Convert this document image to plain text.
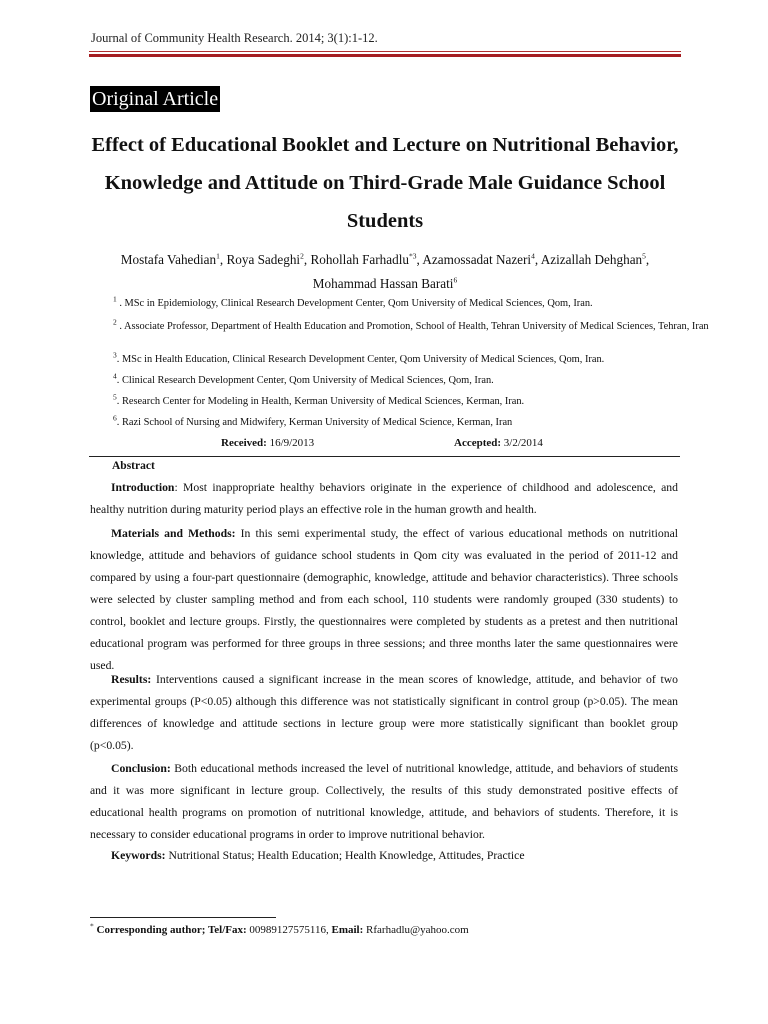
Journal of Community Health Research. 2014; 3(1):1-12.
Original Article
Effect of Educational Booklet and Lecture on Nutritional Behavior, Knowledge and Attitude on Third-Grade Male Guidance School Students
Mostafa Vahedian$^1$, Roya Sadeghi$^2$, Rohollah Farhadlu$^{*3}$, Azamossadat Nazeri$^4$, Azizallah Dehghan$^5$, Mohammad Hassan Barati$^6$
$^1$ . MSc in Epidemiology, Clinical Research Development Center, Qom University of Medical Sciences, Qom, Iran.
$^2$ . Associate Professor, Department of Health Education and Promotion, School of Health, Tehran University of Medical Sciences, Tehran, Iran
$^3$. MSc in Health Education, Clinical Research Development Center, Qom University of Medical Sciences, Qom, Iran.
$^4$. Clinical Research Development Center, Qom University of Medical Sciences, Qom, Iran.
$^5$. Research Center for Modeling in Health, Kerman University of Medical Sciences, Kerman, Iran.
$^6$. Razi School of Nursing and Midwifery, Kerman University of Medical Science, Kerman, Iran
Received: 16/9/2013	Accepted: 3/2/2014
Abstract

Introduction: Most inappropriate healthy behaviors originate in the experience of childhood and adolescence, and healthy nutrition during maturity period plays an effective role in the human growth and health.

Materials and Methods: In this semi experimental study, the effect of various educational methods on nutritional knowledge, attitude and behaviors of guidance school students in Qom city was evaluated in the period of 2011-12 and compared by using a four-part questionnaire (demographic, knowledge, attitude and behavior characteristics). Three schools were selected by cluster sampling method and from each school, 110 students were randomly grouped (330 students) to control, booklet and lecture groups. Firstly, the questionnaires were completed by students as a pretest and then nutritional educational program was performed for three groups in three sessions; and three months later the same questionnaires were used.

Results: Interventions caused a significant increase in the mean scores of knowledge, attitude, and behavior of two experimental groups (P<0.05) although this difference was not statistically significant in control group (p>0.05). The mean differences of knowledge and attitude sections in lecture group were more statistically significant than booklet group (p<0.05).

Conclusion: Both educational methods increased the level of nutritional knowledge, attitude, and behaviors of students and it was more significant in lecture group. Collectively, the results of this study demonstrated positive effects of educational health programs on promotion of nutritional knowledge, attitude, and behaviors of students. Therefore, it is necessary to consider educational programs in order to improve nutritional behavior.

Keywords: Nutritional Status; Health Education; Health Knowledge, Attitudes, Practice

* Corresponding author; Tel/Fax: 00989127575116, Email: Rfarhadlu@yahoo.com
